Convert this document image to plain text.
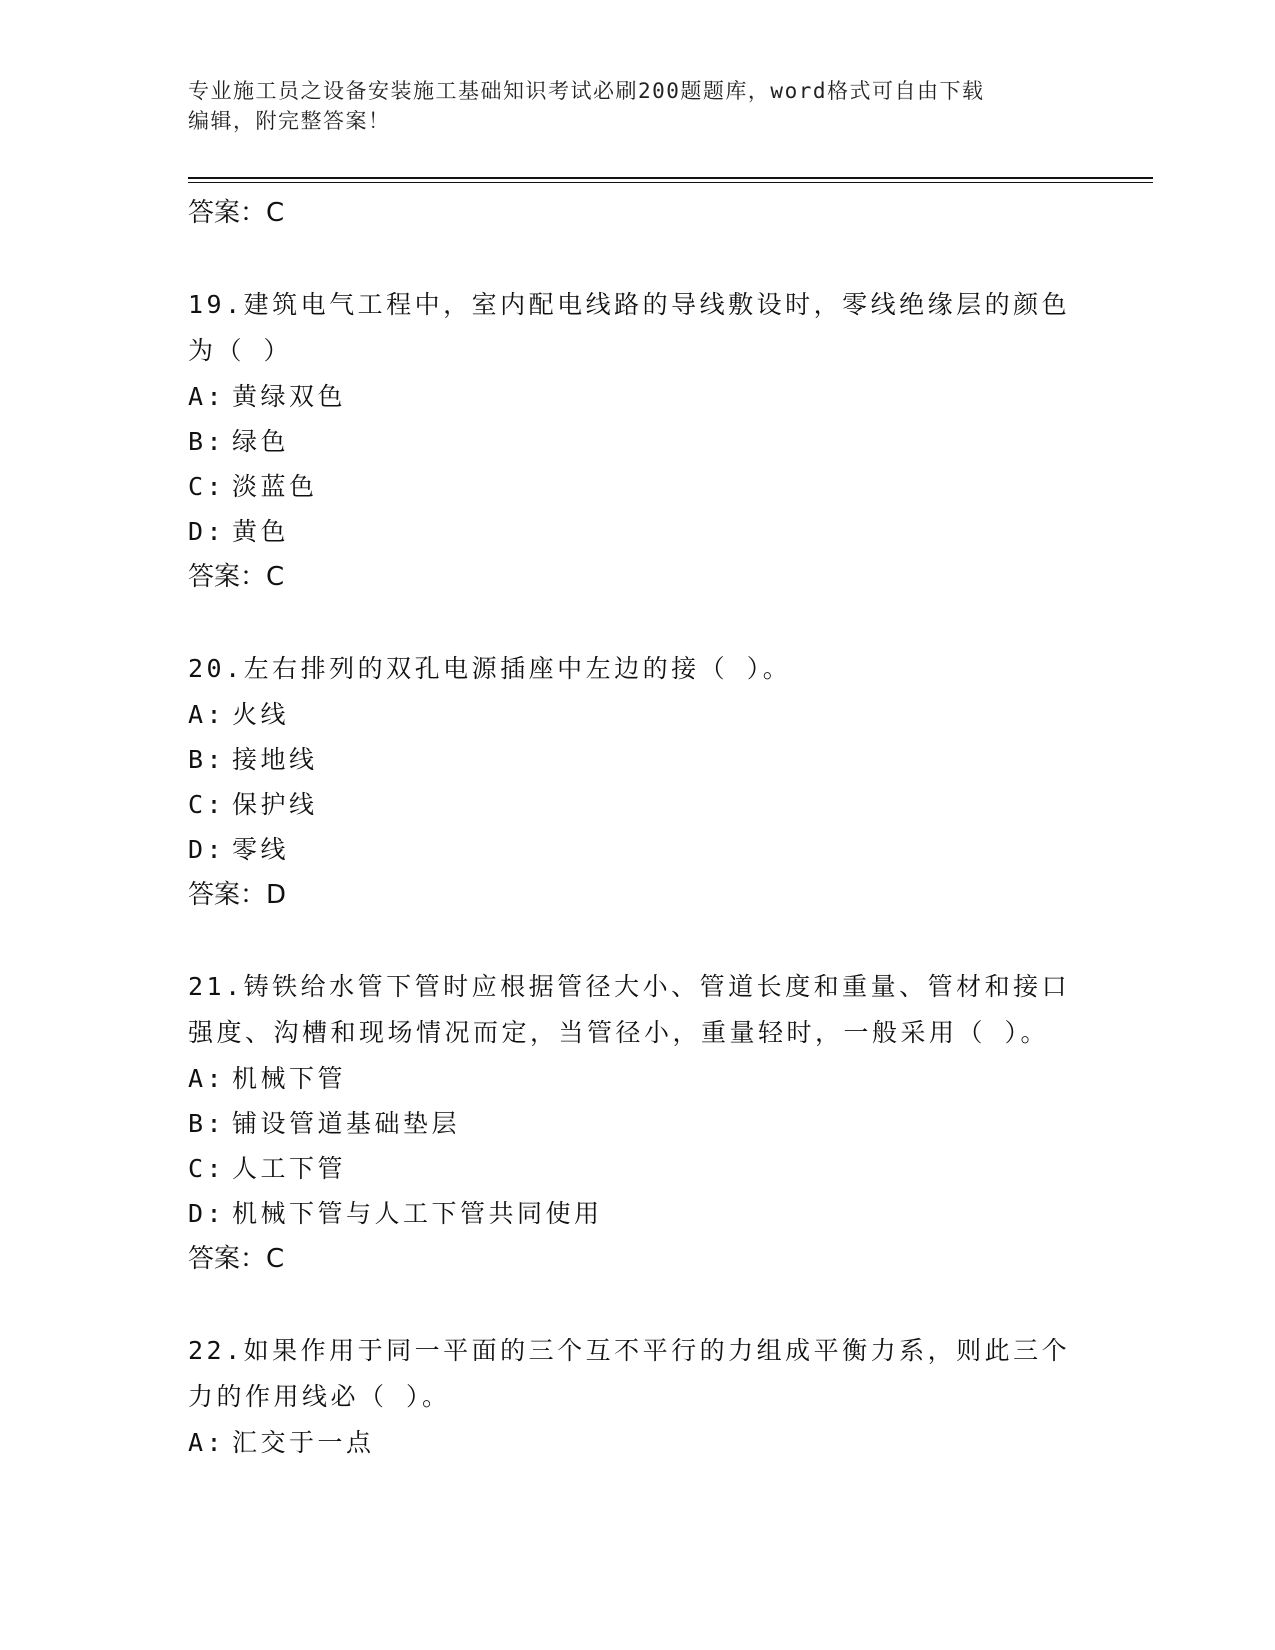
专业施工员之设备安装施工基础知识考试必刷200题题库，word格式可自由下载
编辑，附完整答案！
答案：C
19.建筑电气工程中，室内配电线路的导线敷设时，零线绝缘层的颜色
为（ ）
A: 黄绿双色
B: 绿色
C: 淡蓝色
D: 黄色
答案：C
20.左右排列的双孔电源插座中左边的接（ ）。
A: 火线
B: 接地线
C: 保护线
D: 零线
答案：D
21.铸铁给水管下管时应根据管径大小、管道长度和重量、管材和接口
强度、沟槽和现场情况而定，当管径小，重量轻时，一般采用（ ）。
A: 机械下管
B: 铺设管道基础垫层
C: 人工下管
D: 机械下管与人工下管共同使用
答案：C
22.如果作用于同一平面的三个互不平行的力组成平衡力系，则此三个
力的作用线必（ ）。
A: 汇交于一点
